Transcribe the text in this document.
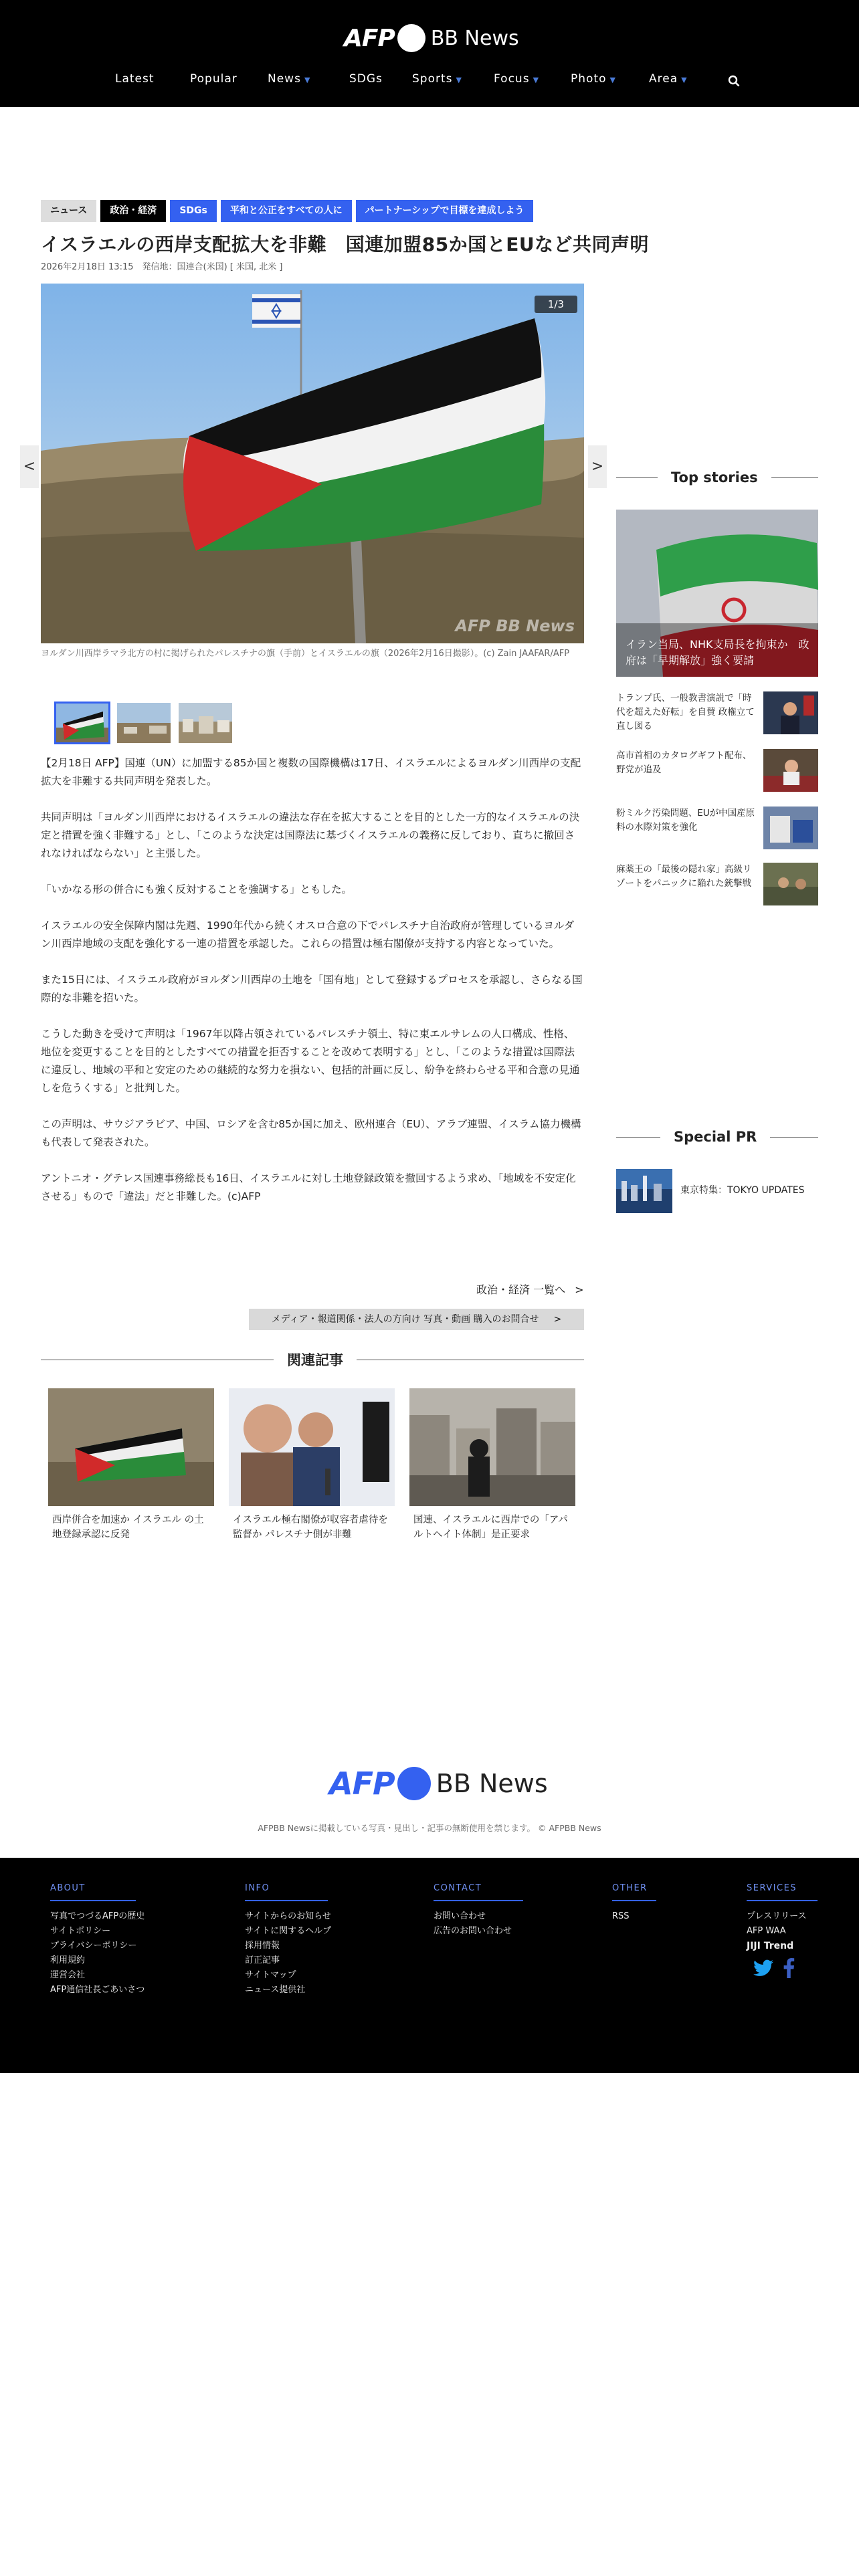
AFP BB News
Latest	Popular	News ▼	SDGs	Sports ▼	Focus ▼	Photo ▼	Area ▼
ニュース	政治・経済	SDGs	平和と公正をすべての人に	パートナーシップで目標を達成しよう
イスラエルの西岸支配拡大を非難　国連加盟85か国とEUなど共同声明
2026年2月18日 13:15　発信地：国連合(米国) [ 米国, 北米 ]
<
1/3
AFP BB News
>
ヨルダン川西岸ラマラ北方の村に掲げられたパレスチナの旗（手前）とイスラエルの旗（2026年2月16日撮影）。(c) Zain JAAFAR/AFP

【2月18日 AFP】国連（UN）に加盟する85か国と複数の国際機構は17日、イスラエルによるヨルダン川西岸の支配拡大を非難する共同声明を発表した。

共同声明は「ヨルダン川西岸におけるイスラエルの違法な存在を拡大することを目的とした一方的なイスラエルの決定と措置を強く非難する」とし、「このような決定は国際法に基づくイスラエルの義務に反しており、直ちに撤回されなければならない」と主張した。

「いかなる形の併合にも強く反対することを強調する」ともした。

イスラエルの安全保障内閣は先週、1990年代から続くオスロ合意の下でパレスチナ自治政府が管理しているヨルダン川西岸地域の支配を強化する一連の措置を承認した。これらの措置は極右閣僚が支持する内容となっていた。

また15日には、イスラエル政府がヨルダン川西岸の土地を「国有地」として登録するプロセスを承認し、さらなる国際的な非難を招いた。

こうした動きを受けて声明は「1967年以降占領されているパレスチナ領土、特に東エルサレムの人口構成、性格、地位を変更することを目的としたすべての措置を拒否することを改めて表明する」とし、「このような措置は国際法に違反し、地域の平和と安定のための継続的な努力を損ない、包括的計画に反し、紛争を終わらせる平和合意の見通しを危うくする」と批判した。

この声明は、サウジアラビア、中国、ロシアを含む85か国に加え、欧州連合（EU）、アラブ連盟、イスラム協力機構も代表して発表された。

アントニオ・グテレス国連事務総長も16日、イスラエルに対し土地登録政策を撤回するよう求め、「地域を不安定化させる」もので「違法」だと非難した。(c)AFP

政治・経済 一覧へ >
メディア・報道関係・法人の方向け 写真・動画 購入のお問合せ >
関連記事
西岸併合を加速か イスラエル の土地登録承認に反発
イスラエル極右閣僚が収容者虐待を監督か パレスチナ側が非難
国連、イスラエルに西岸での「アパルトヘイト体制」是正要求
Top stories
イラン当局、NHK支局長を拘束か　政府は「早期解放」強く要請
トランプ氏、一般教書演説で「時代を超えた好転」を自賛 政権立て直し図る
高市首相のカタログギフト配布、野党が追及
粉ミルク汚染問題、EUが中国産原料の水際対策を強化
麻薬王の「最後の隠れ家」高級リゾートをパニックに陥れた銃撃戦
Special PR
東京特集：TOKYO UPDATES
AFP BB News
AFPBB Newsに掲載している写真・見出し・記事の無断使用を禁じます。 © AFPBB News
ABOUT
写真でつづるAFPの歴史
サイトポリシー
プライバシーポリシー
利用規約
運営会社
AFP通信社長ごあいさつ
INFO
サイトからのお知らせ
サイトに関するヘルプ
採用情報
訂正記事
サイトマップ
ニュース提供社
CONTACT
お問い合わせ
広告のお問い合わせ
OTHER
RSS
SERVICES
プレスリリース
AFP WAA
JIJI Trend
